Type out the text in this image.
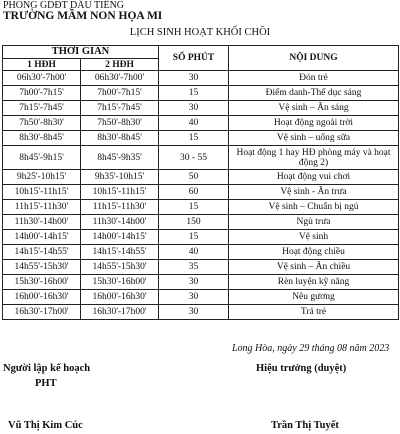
PHÒNG GDĐT DẦU TIẾNG
TRƯỜNG MẦM NON HỌA MI
LỊCH SINH HOẠT KHỐI CHỒI
THỜI GIAN		SỐ PHÚT	NỘI DUNG
1 HĐH	2 HĐH		
06h30'-7h00'	06h30'-7h00'	30	Đón trẻ
7h00'-7h15'	7h00'-7h15'	15	Điểm danh-Thể dục sáng
7h15'-7h45'	7h15'-7h45'	30	Vệ sinh – Ăn sáng
7h50'-8h30'	7h50'-8h30'	40	Hoạt động ngoài trời
8h30'-8h45'	8h30'-8h45'	15	Vệ sinh – uống sữa
8h45'-9h15'	8h45'-9h35'	30 - 55	Hoạt động 1 hay HĐ phòng máy và hoạt động 2)
9h25'-10h15'	9h35'-10h15'	50	Hoạt động vui chơi
10h15'-11h15'	10h15'-11h15'	60	Vệ sinh - Ăn trưa
11h15'-11h30'	11h15'-11h30'	15	Vệ sinh – Chuẩn bị ngủ
11h30'-14h00'	11h30'-14h00'	150	Ngủ trưa
14h00'-14h15'	14h00'-14h15'	15	Vệ sinh
14h15'-14h55'	14h15'-14h55'	40	Hoạt động chiều
14h55'-15h30'	14h55'-15h30'	35	Vệ sinh – Ăn chiều
15h30'-16h00'	15h30'-16h00'	30	Rèn luyện kỹ năng
16h00'-16h30'	16h00'-16h30'	30	Nêu gương
16h30'-17h00'	16h30'-17h00'	30	Trả trẻ
Long Hòa, ngày 29 tháng 08 năm 2023
Người lập kế hoạch	Hiệu trưởng (duyệt)
PHT
Vũ Thị Kim Cúc	Trần Thị Tuyết
